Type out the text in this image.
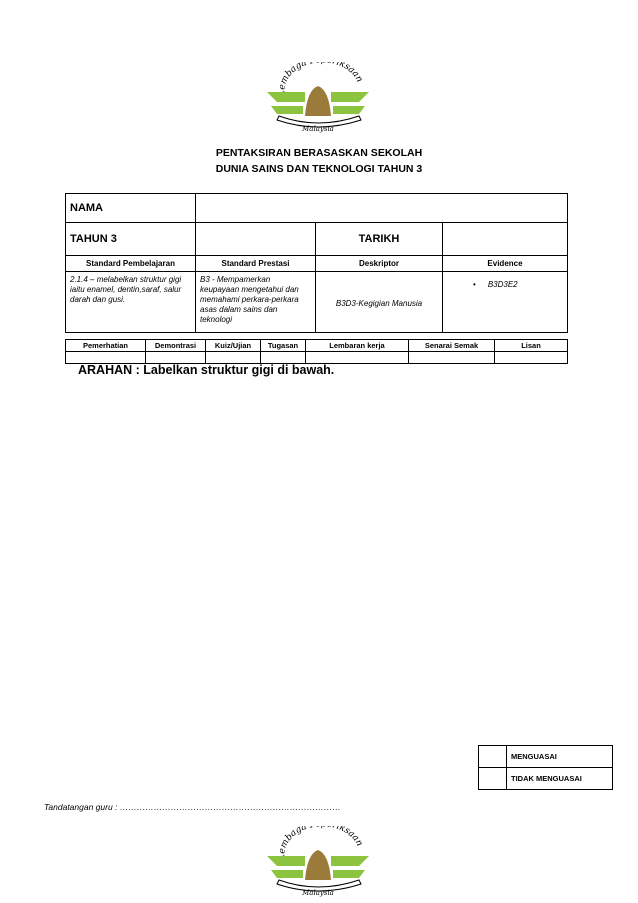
embaga iksaan
Malaysia
PENTAKSIRAN BERASASKAN SEKOLAH
DUNIA SAINS DAN TEKNOLOGI TAHUN 3
NAMA			
TAHUN 3		TARIKH	
Standard Pembelajaran	Standard Prestasi	Deskriptor	Evidence
2.1.4 – melabelkan struktur gigi iaitu enamel, dentin,saraf, salur darah dan gusi.	B3 - Mempamerkan keupayaan mengetahui dan memahami perkara-perkara asas dalam sains dan teknologi	B3D3-Kegigian Manusia	• B3D3E2
Pemerhatian	Demontrasi	Kuiz/Ujian	Tugasan	Lembaran kerja	Senarai Semak	Lisan

ARAHAN : Labelkan struktur gigi di bawah.
	MENGUASAI
	TIDAK MENGUASAI
Tandatangan guru : ……………………………………………………………………
embaga iksaan
Malaysia
